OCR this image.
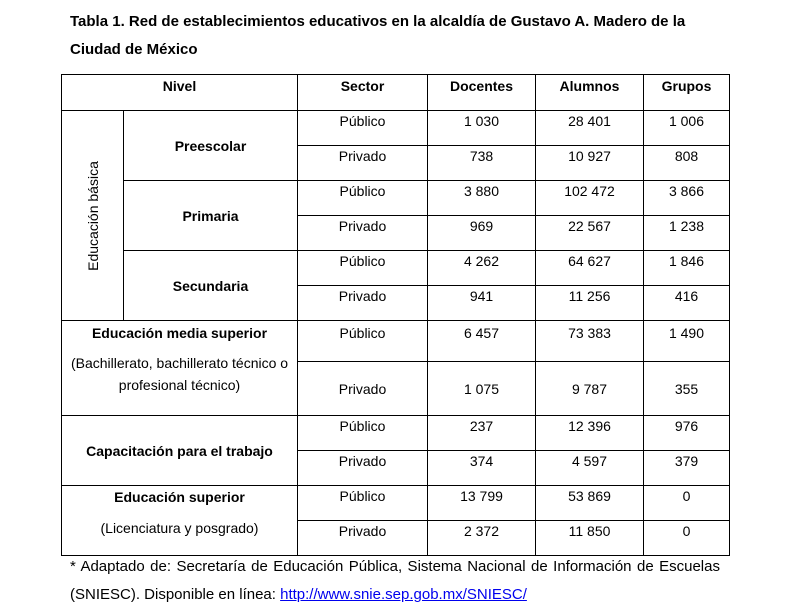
Tabla 1. Red de establecimientos educativos en la alcaldía de Gustavo A. Madero de la Ciudad de México

Nivel		Sector	Docentes	Alumnos	Grupos

Educación básica	Preescolar	Público	1 030	28 401	1 006
		Privado	738	10 927	808
	Primaria	Público	3 880	102 472	3 866
		Privado	969	22 567	1 238
	Secundaria	Público	4 262	64 627	1 846
		Privado	941	11 256	416

Educación media superior
(Bachillerato, bachillerato técnico o profesional técnico)		Público	6 457	73 383	1 490
		Privado	1 075	9 787	355
Capacitación para el trabajo		Público	237	12 396	976
		Privado	374	4 597	379

Educación superior
(Licenciatura y posgrado)		Público	13 799	53 869	0
		Privado	2 372	11 850	0

* Adaptado de: Secretaría de Educación Pública, Sistema Nacional de Información de Escuelas (SNIESC). Disponible en línea: http://www.snie.sep.gob.mx/SNIESC/
